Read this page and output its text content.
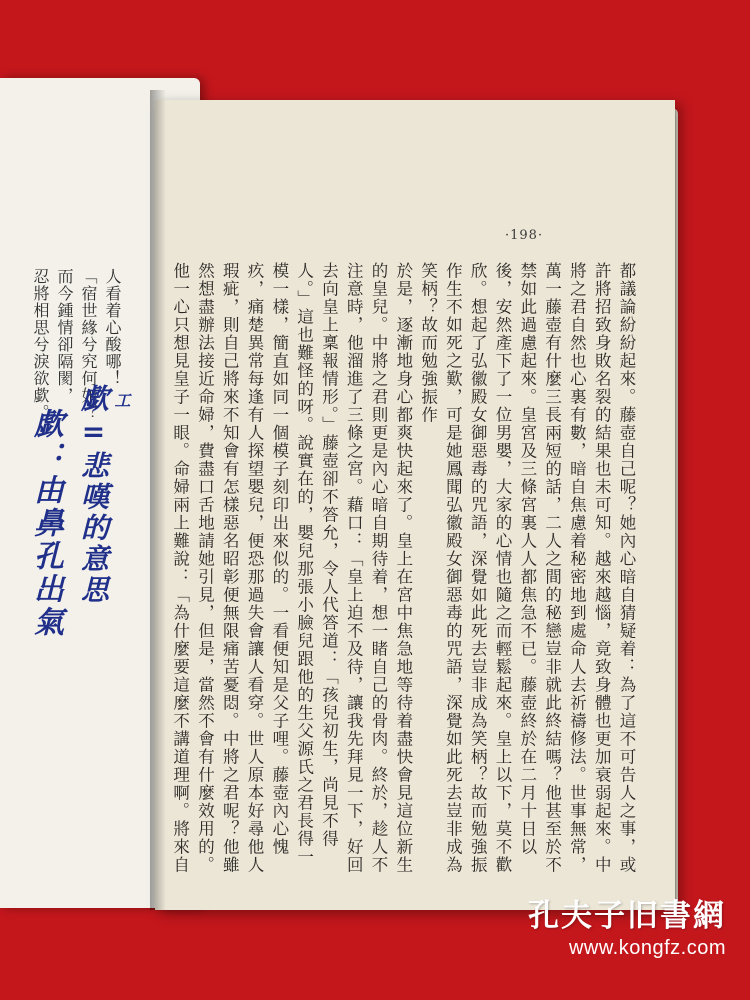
人看着心酸哪！

「宿世緣兮究何如？

而今鍾情卻隔閡，

忍將相思兮淚欲歔。	工
歔=悲嘆的意思
歔：由鼻孔出氣
·198·

都議論紛紛起來。藤壺自己呢？她內心暗自猜疑着：為了這不可告人之事，或許將招致身敗名裂的結果也未可知。越來越惱，竟致身體也更加衰弱起來。中將之君自然也心裏有數，暗自焦慮着秘密地到處命人去祈禱修法。世事無常，萬一藤壺有什麼三長兩短的話，二人之間的秘戀豈非就此終結嗎？他甚至於不禁如此過慮起來。皇宮及三條宮裏人人都焦急不已。藤壺終於在二月十日以後，安然產下了一位男嬰，大家的心情也隨之而輕鬆起來。皇上以下，莫不歡欣。想起了弘徽殿女御惡毒的咒語，深覺如此死去豈非成為笑柄？故而勉強振作生不如死之歎，可是她鳳聞弘徽殿女御惡毒的咒語，深覺如此死去豈非成為笑柄？故而勉強振作

於是，逐漸地身心都爽快起來了。皇上在宮中焦急地等待着盡快會見這位新生的皇兒。中將之君則更是內心暗自期待着，想一睹自己的骨肉。終於，趁人不注意時，他溜進了三條之宮。藉口：「皇上迫不及待，讓我先拜見一下，好回去向皇上稟報情形。」藤壺卻不答允，令人代答道：「孩兒初生，尚見不得人。」這也難怪的呀。說實在的，嬰兒那張小臉兒跟他的生父源氏之君長得一模一樣，簡直如同一個模子刻印出來似的。一看便知是父子哩。藤壺內心愧疚，痛楚異常每逢有人探望嬰兒，便恐那過失會讓人看穿。世人原本好尋他人瑕疵，則自己將來不知會有怎樣惡名昭彰便無限痛苦憂悶。中將之君呢？他雖然想盡辦法接近命婦，費盡口舌地請她引見，但是，當然不會有什麼效用的。他一心只想見皇子一眼。命婦兩上難說：「為什麼要這麼不講道理啊。將來自

孔夫子旧書網
www.kongfz.com
